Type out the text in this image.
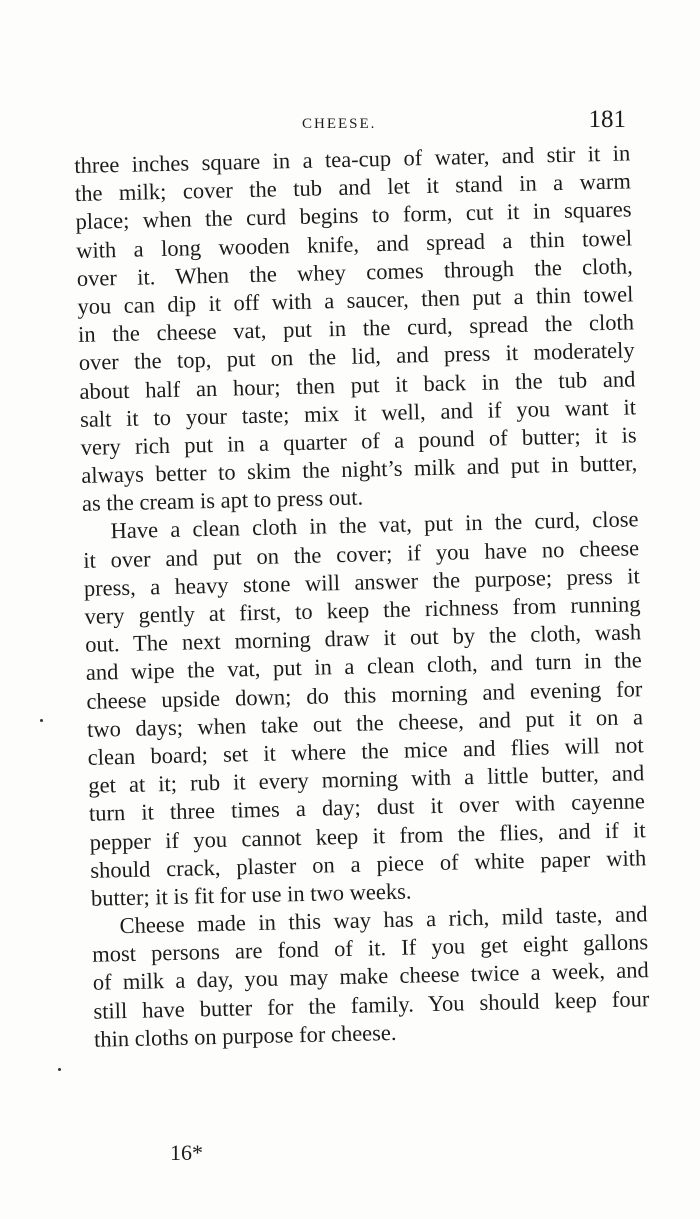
CHEESE.	181
three inches square in a tea-cup of water, and stir it in
the milk; cover the tub and let it stand in a warm
place; when the curd begins to form, cut it in squares
with a long wooden knife, and spread a thin towel
over it. When the whey comes through the cloth,
you can dip it off with a saucer, then put a thin towel
in the cheese vat, put in the curd, spread the cloth
over the top, put on the lid, and press it moderately
about half an hour; then put it back in the tub and
salt it to your taste; mix it well, and if you want it
very rich put in a quarter of a pound of butter; it is
always better to skim the night’s milk and put in butter,
as the cream is apt to press out.
Have a clean cloth in the vat, put in the curd, close
it over and put on the cover; if you have no cheese
press, a heavy stone will answer the purpose; press it
very gently at first, to keep the richness from running
out. The next morning draw it out by the cloth, wash
and wipe the vat, put in a clean cloth, and turn in the
cheese upside down; do this morning and evening for
two days; when take out the cheese, and put it on a
clean board; set it where the mice and flies will not
get at it; rub it every morning with a little butter, and
turn it three times a day; dust it over with cayenne
pepper if you cannot keep it from the flies, and if it
should crack, plaster on a piece of white paper with
butter; it is fit for use in two weeks.
Cheese made in this way has a rich, mild taste, and
most persons are fond of it. If you get eight gallons
of milk a day, you may make cheese twice a week, and
still have butter for the family. You should keep four
thin cloths on purpose for cheese.
16*
